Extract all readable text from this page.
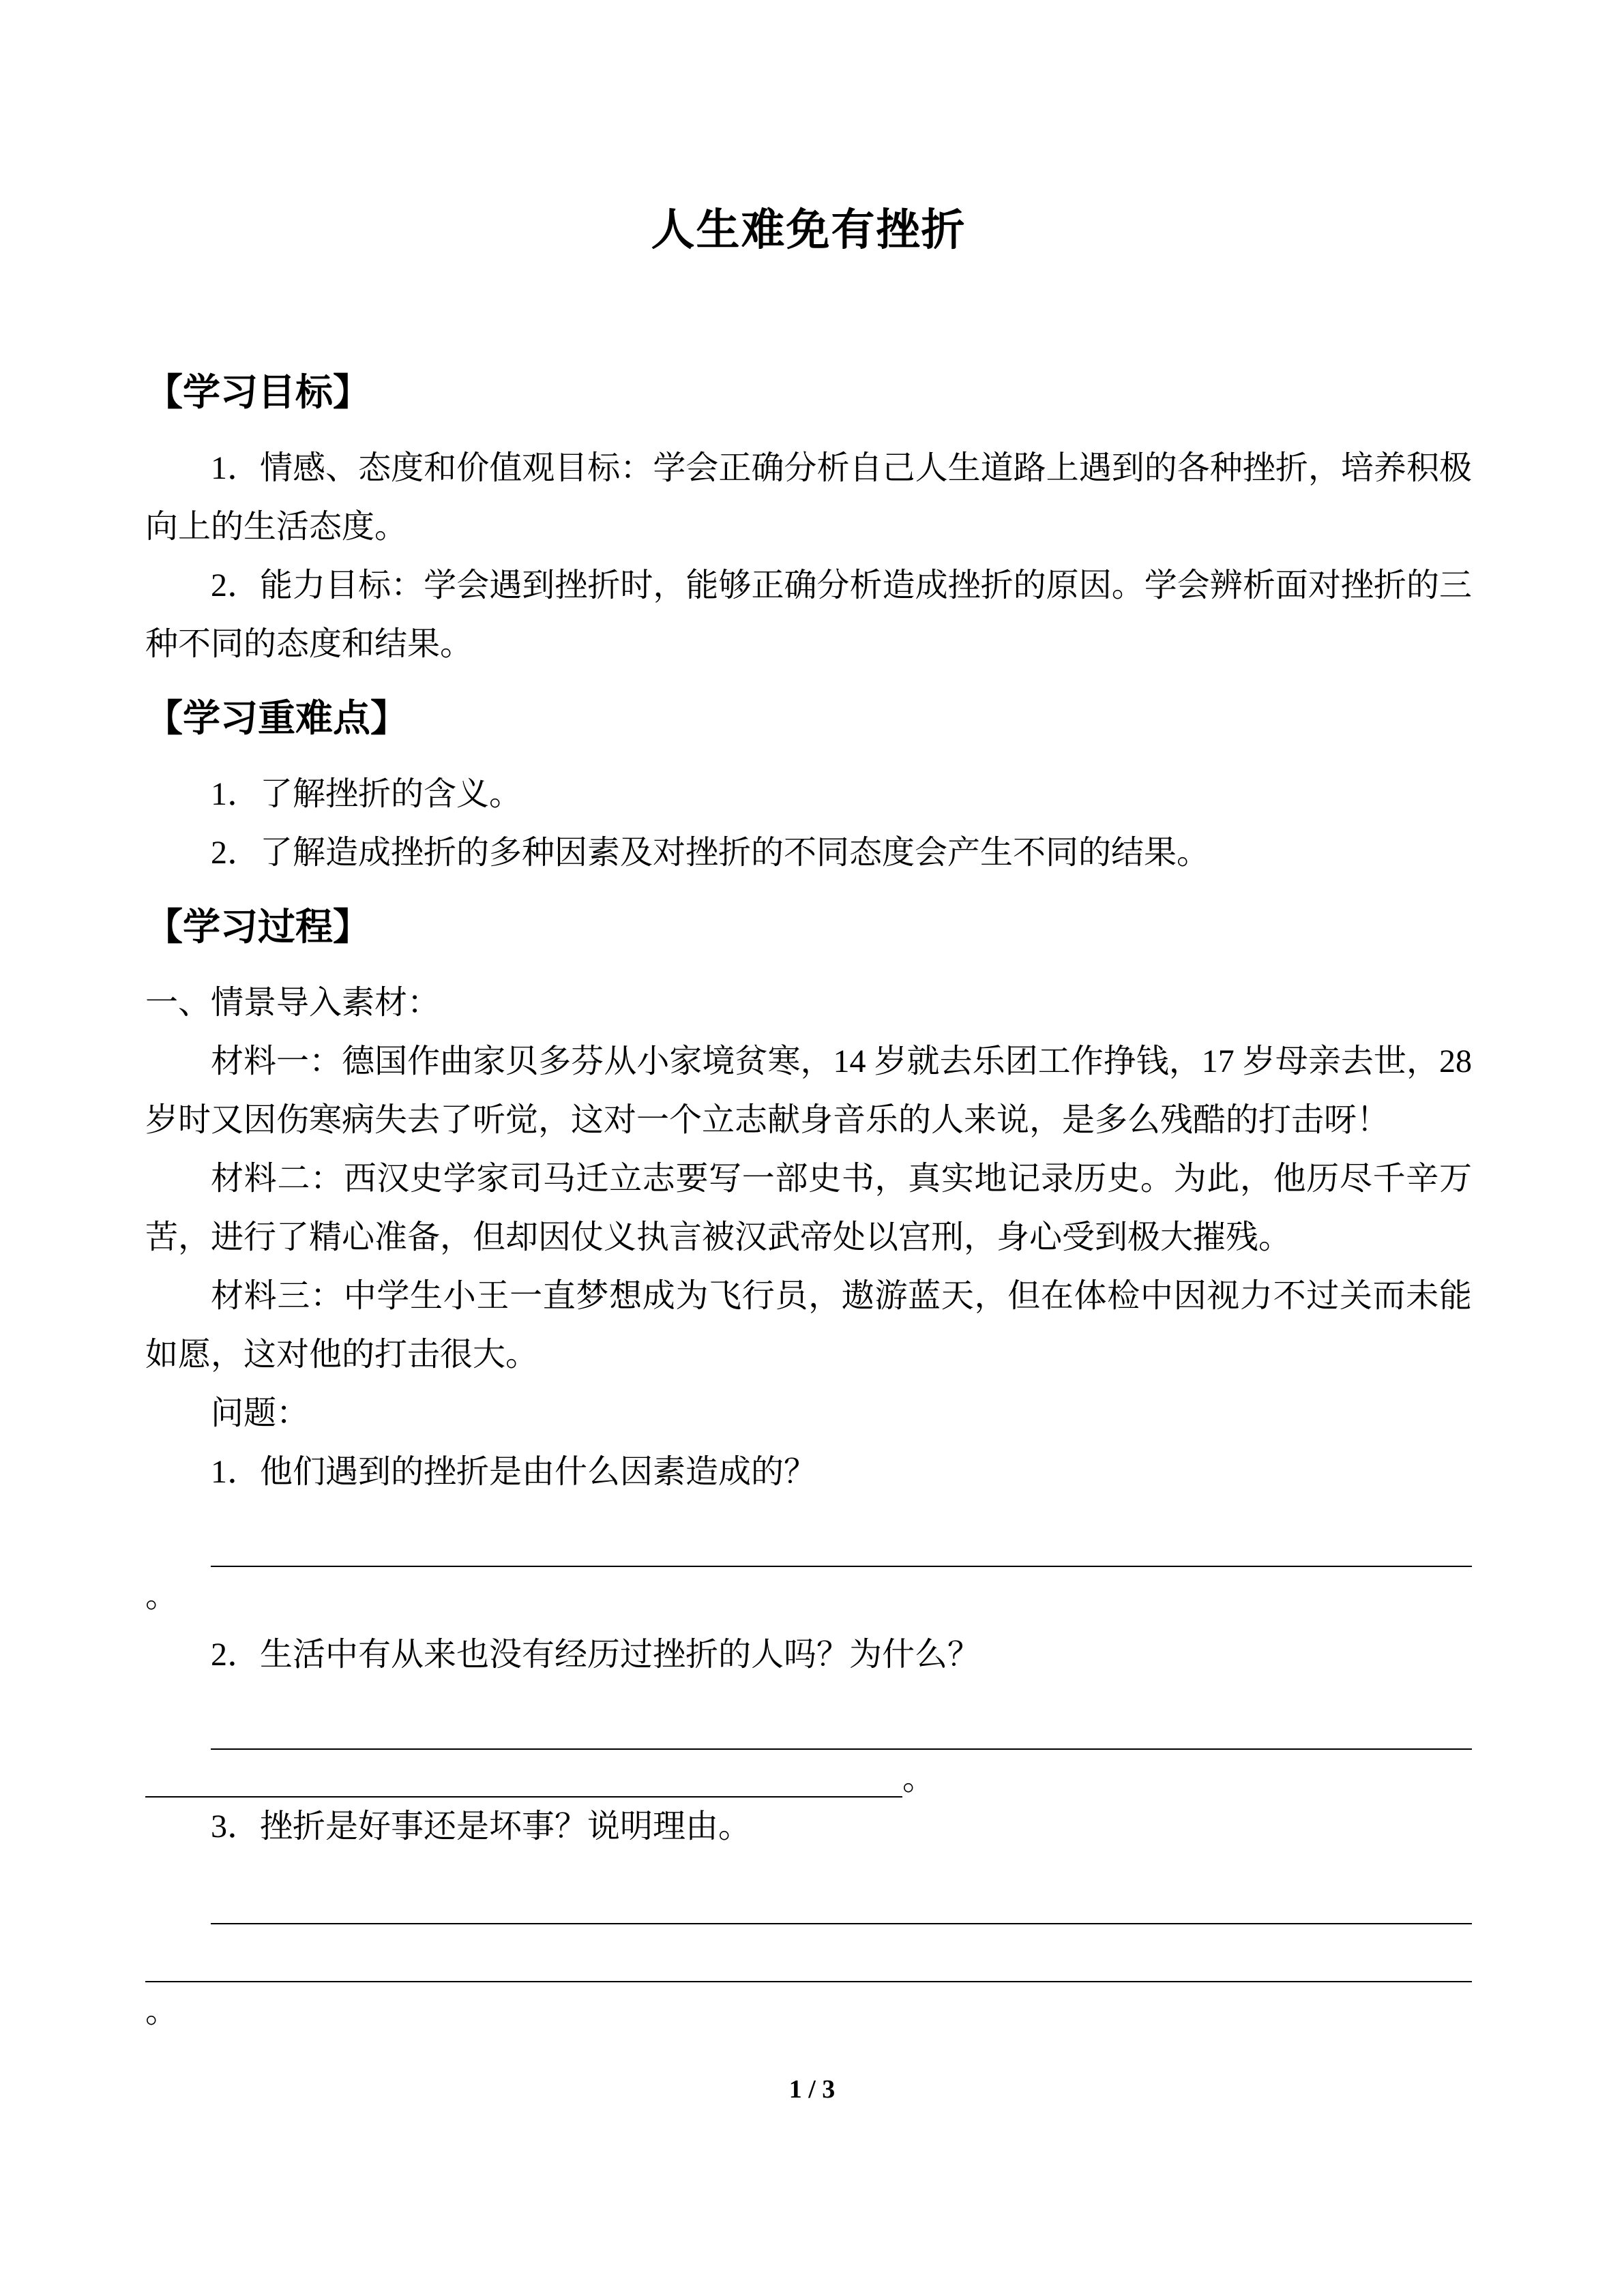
人生难免有挫折
【学习目标】

1．情感、态度和价值观目标：学会正确分析自己人生道路上遇到的各种挫折，培养积极向上的生活态度。

2．能力目标：学会遇到挫折时，能够正确分析造成挫折的原因。学会辨析面对挫折的三种不同的态度和结果。

【学习重难点】

1．了解挫折的含义。

2．了解造成挫折的多种因素及对挫折的不同态度会产生不同的结果。

【学习过程】

一、情景导入素材：

材料一：德国作曲家贝多芬从小家境贫寒，14 岁就去乐团工作挣钱，17 岁母亲去世，28 岁时又因伤寒病失去了听觉，这对一个立志献身音乐的人来说，是多么残酷的打击呀！

材料二：西汉史学家司马迁立志要写一部史书，真实地记录历史。为此，他历尽千辛万苦，进行了精心准备，但却因仗义执言被汉武帝处以宫刑，身心受到极大摧残。

材料三：中学生小王一直梦想成为飞行员，遨游蓝天，但在体检中因视力不过关而未能如愿，这对他的打击很大。

问题：

1．他们遇到的挫折是由什么因素造成的？

。

2．生活中有从来也没有经历过挫折的人吗？为什么？

。

3．挫折是好事还是坏事？说明理由。

。

1 / 3
